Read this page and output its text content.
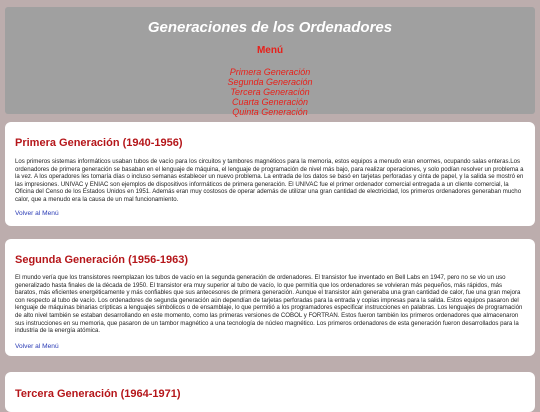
Generaciones de los Ordenadores
Menú
Primera Generación
Segunda Generación
Tercera Generación
Cuarta Generación
Quinta Generación
Primera Generación (1940-1956)

Los primeros sistemas informáticos usaban tubos de vacío para los circuitos y tambores magnéticos para la memoria, estos equipos a menudo eran enormes, ocupando salas enteras.Los ordenadores de primera generación se basaban en el lenguaje de máquina, el lenguaje de programación de nivel más bajo, para realizar operaciones, y solo podían resolver un problema a la vez. A los operadores les tomaría días o incluso semanas establecer un nuevo problema. La entrada de los datos se basó en tarjetas perforadas y cinta de papel, y la salida se mostró en las impresiones. UNIVAC y ENIAC son ejemplos de dispositivos informáticos de primera generación. El UNIVAC fue el primer ordenador comercial entregada a un cliente comercial, la Oficina del Censo de los Estados Unidos en 1951. Además eran muy costosos de operar además de utilizar una gran cantidad de electricidad, los primeros ordenadores generaban mucho calor, que a menudo era la causa de un mal funcionamiento.

Volver al Menú
Segunda Generación (1956-1963)

El mundo vería que los transistores reemplazan los tubos de vacío en la segunda generación de ordenadores. El transistor fue inventado en Bell Labs en 1947, pero no se vio un uso generalizado hasta finales de la década de 1950. El transistor era muy superior al tubo de vacío, lo que permitía que los ordenadores se volvieran más pequeños, más rápidos, más baratos, más eficientes energéticamente y más confiables que sus antecesores de primera generación. Aunque el transistor aún generaba una gran cantidad de calor, fue una gran mejora con respecto al tubo de vacío. Los ordenadores de segunda generación aún dependían de tarjetas perforadas para la entrada y copias impresas para la salida. Estos equipos pasaron del lenguaje de máquinas binarias crípticas a lenguajes simbólicos o de ensamblaje, lo que permitió a los programadores especificar instrucciones en palabras. Los lenguajes de programación de alto nivel también se estaban desarrollando en este momento, como las primeras versiones de COBOL y FORTRAN. Estos fueron también los primeros ordenadores que almacenaron sus instrucciones en su memoria, que pasaron de un tambor magnético a una tecnología de núcleo magnético. Los primeros ordenadores de esta generación fueron desarrollados para la industria de la energía atómica.

Volver al Menú
Tercera Generación (1964-1971)
